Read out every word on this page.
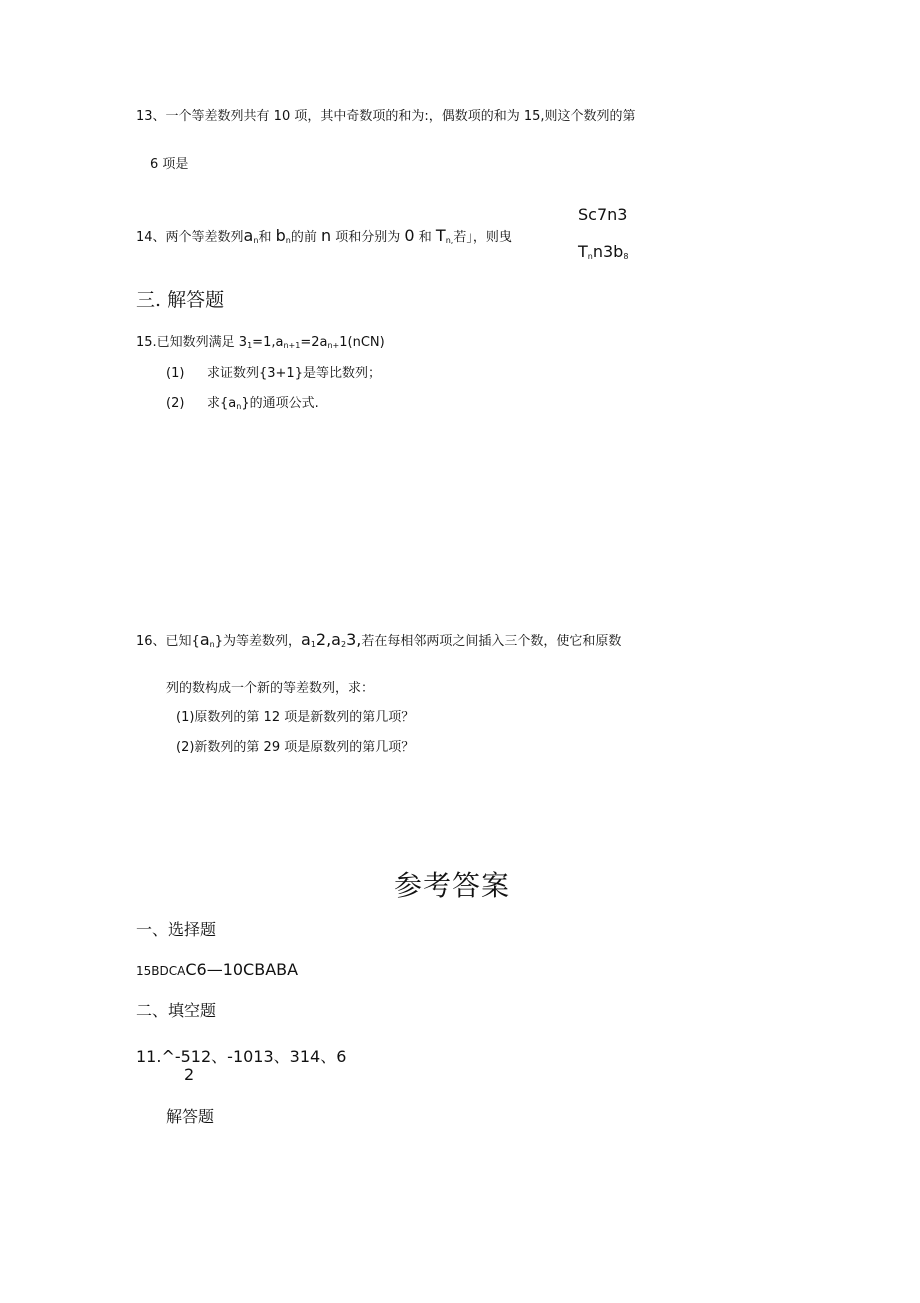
13、一个等差数列共有 10 项，其中奇数项的和为:，偶数项的和为 15,则这个数列的第
6 项是
14、两个等差数列$a_n$和 $b_n$的前 n 项和分别为 0 和 $T_{n,}$若」，则曳
Sc7n3
$T_nn3b_8$
三. 解答题
15.已知数列满足 $3_1=1,a_{n+1}=2a_{n+}1(nCN)$
(1) 求证数列{3+1}是等比数列；
(2) 求$\{a_n\}$的通项公式.
16、已知$\{a_n\}$为等差数列，$a_12,a_23$,若在每相邻两项之间插入三个数，使它和原数
列的数构成一个新的等差数列，求：
(1)原数列的第 12 项是新数列的第几项？
(2)新数列的第 29 项是原数列的第几项？
参考答案
一、选择题
15BDCAC6—10CBABA
二、填空题
11.^-512、-1013、314、6
2
解答题
